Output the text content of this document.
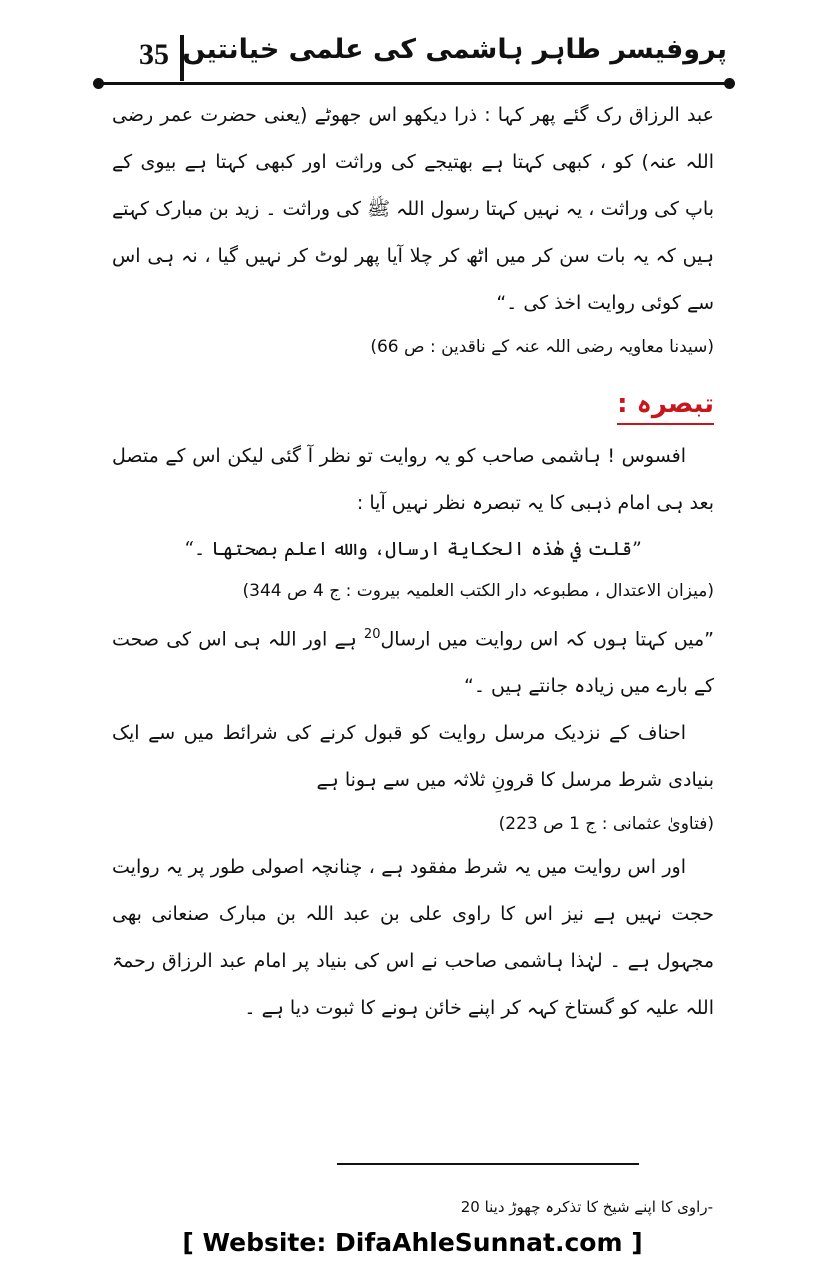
35 پروفیسر طاہر ہاشمی کی علمی خیانتیں

عبد الرزاق رک گئے پھر کہا : ذرا دیکھو اس جھوٹے (یعنی حضرت عمر رضی اللہ عنہ) کو ، کبھی کہتا ہے بھتیجے کی وراثت اور کبھی کہتا ہے بیوی کے باپ کی وراثت ، یہ نہیں کہتا رسول اللہ ﷺ کی وراثت ۔ زید بن مبارک کہتے ہیں کہ یہ بات سن کر میں اٹھ کر چلا آیا پھر لوٹ کر نہیں گیا ، نہ ہی اس سے کوئی روایت اخذ کی ۔“

(سیدنا معاویہ رضی اللہ عنہ کے ناقدین : ص 66)

تبصرہ :

افسوس ! ہاشمی صاحب کو یہ روایت تو نظر آ گئی لیکن اس کے متصل بعد ہی امام ذہبی کا یہ تبصرہ نظر نہیں آیا :

”قلت في هٰذه الحكاية ارسال، والله اعلم بصحتها ۔“

(میزان الاعتدال ، مطبوعہ دار الکتب العلمیہ بیروت : ج 4 ص 344)

”میں کہتا ہوں کہ اس روایت میں ارسال$^{20}$ ہے اور اللہ ہی اس کی صحت کے بارے میں زیادہ جانتے ہیں ۔“

احناف کے نزدیک مرسل روایت کو قبول کرنے کی شرائط میں سے ایک بنیادی شرط مرسل کا قرونِ ثلاثہ میں سے ہونا ہے

(فتاویٰ عثمانی : ج 1 ص 223)

اور اس روایت میں یہ شرط مفقود ہے ، چنانچہ اصولی طور پر یہ روایت حجت نہیں ہے نیز اس کا راوی علی بن عبد اللہ بن مبارک صنعانی بھی مجہول ہے ۔ لہٰذا ہاشمی صاحب نے اس کی بنیاد پر امام عبد الرزاق رحمۃ اللہ علیہ کو گستاخ کہہ کر اپنے خائن ہونے کا ثبوت دیا ہے ۔

-راوی کا اپنے شیخ کا تذکرہ چھوڑ دینا 20
[ Website: DifaAhleSunnat.com ]
